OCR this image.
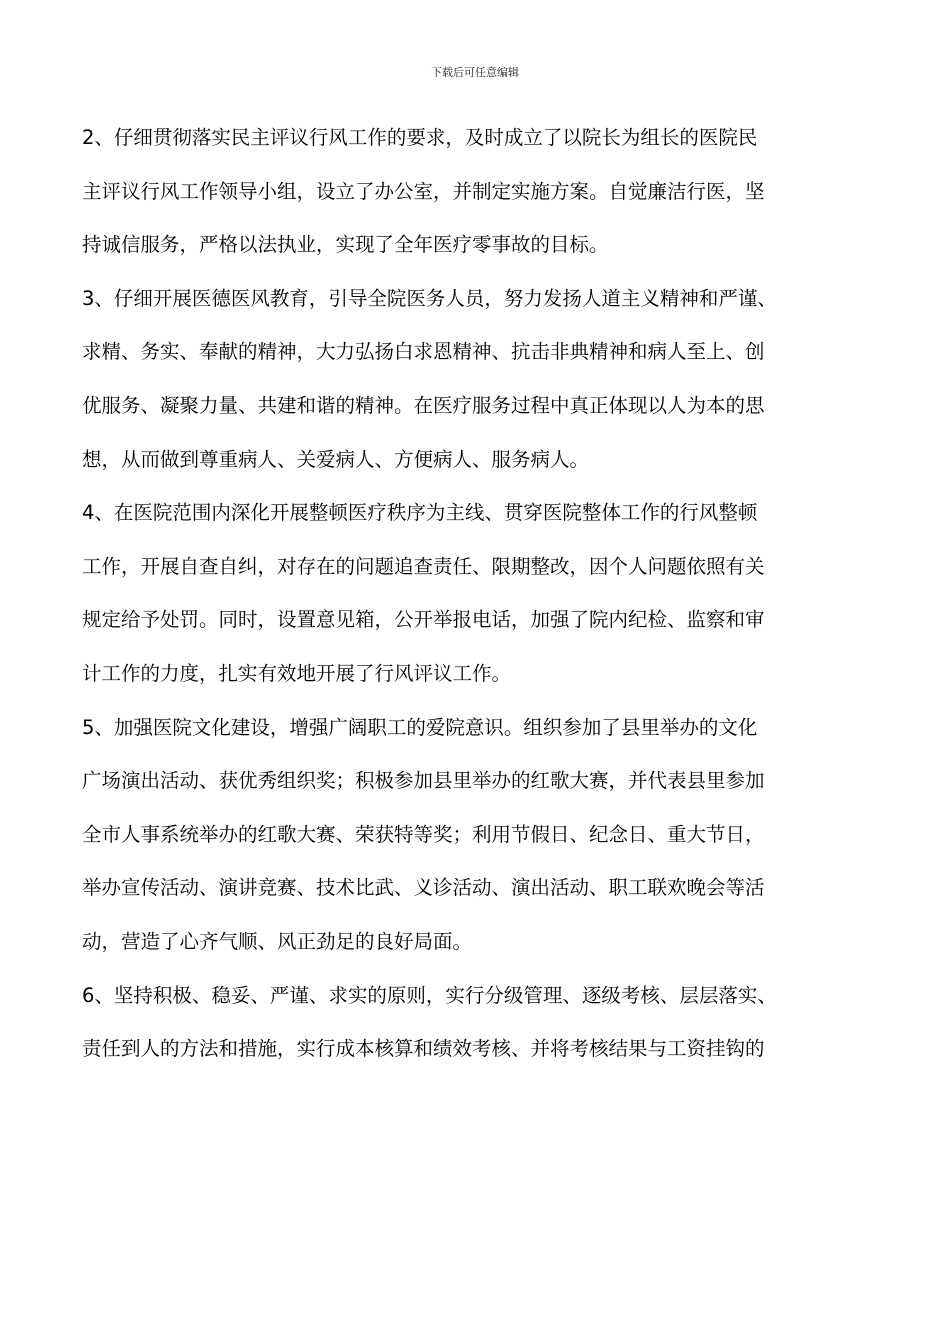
下载后可任意编辑
2、仔细贯彻落实民主评议行风工作的要求，及时成立了以院长为组长的医院民
主评议行风工作领导小组，设立了办公室，并制定实施方案。自觉廉洁行医，坚
持诚信服务，严格以法执业，实现了全年医疗零事故的目标。
3、仔细开展医德医风教育，引导全院医务人员，努力发扬人道主义精神和严谨、
求精、务实、奉献的精神，大力弘扬白求恩精神、抗击非典精神和病人至上、创
优服务、凝聚力量、共建和谐的精神。在医疗服务过程中真正体现以人为本的思
想，从而做到尊重病人、关爱病人、方便病人、服务病人。
4、在医院范围内深化开展整顿医疗秩序为主线、贯穿医院整体工作的行风整顿
工作，开展自查自纠，对存在的问题追查责任、限期整改，因个人问题依照有关
规定给予处罚。同时，设置意见箱，公开举报电话，加强了院内纪检、监察和审
计工作的力度，扎实有效地开展了行风评议工作。
5、加强医院文化建设，增强广阔职工的爱院意识。组织参加了县里举办的文化
广场演出活动、获优秀组织奖；积极参加县里举办的红歌大赛，并代表县里参加
全市人事系统举办的红歌大赛、荣获特等奖；利用节假日、纪念日、重大节日，
举办宣传活动、演讲竞赛、技术比武、义诊活动、演出活动、职工联欢晚会等活
动，营造了心齐气顺、风正劲足的良好局面。
6、坚持积极、稳妥、严谨、求实的原则，实行分级管理、逐级考核、层层落实、
责任到人的方法和措施，实行成本核算和绩效考核、并将考核结果与工资挂钩的
